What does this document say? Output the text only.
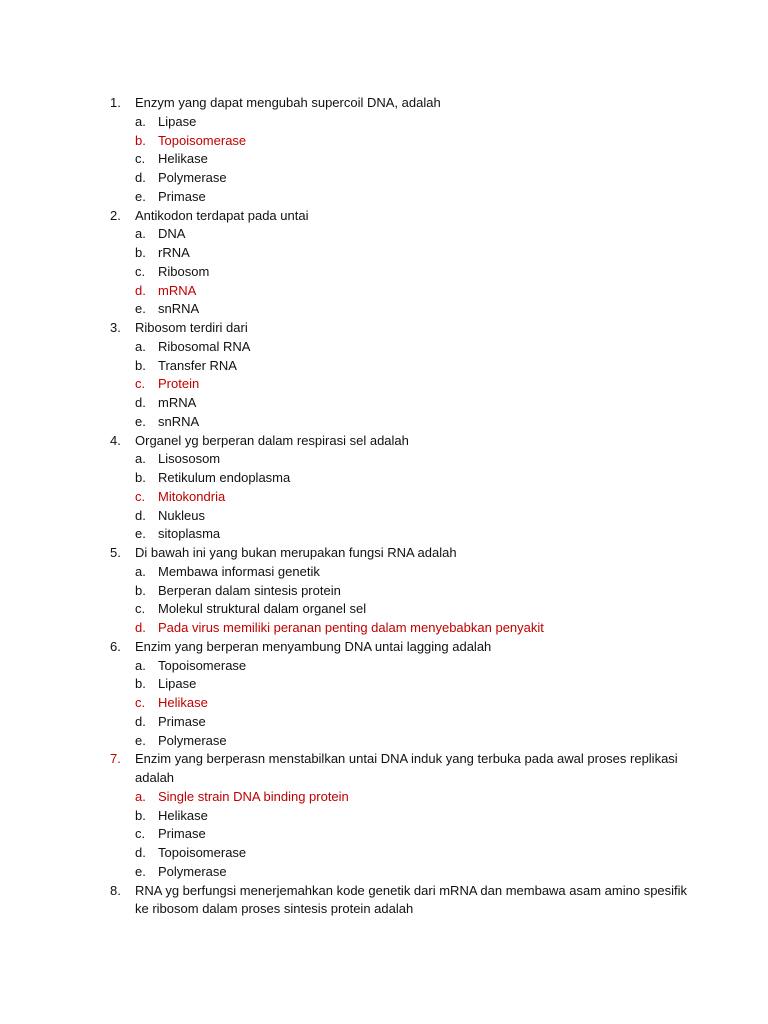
1.	Enzym yang dapat mengubah supercoil DNA, adalah
a. Lipase
b. Topoisomerase
c. Helikase
d. Polymerase
e. Primase
2.	Antikodon terdapat pada untai
a. DNA
b. rRNA
c. Ribosom
d. mRNA
e. snRNA
3.	Ribosom terdiri dari
a. Ribosomal RNA
b. Transfer RNA
c. Protein
d. mRNA
e. snRNA
4.	Organel yg berperan dalam respirasi sel adalah
a. Lisososom
b. Retikulum endoplasma
c. Mitokondria
d. Nukleus
e. sitoplasma
5.	Di bawah ini yang bukan merupakan fungsi RNA adalah
a. Membawa informasi genetik
b. Berperan dalam sintesis protein
c. Molekul struktural dalam organel sel
d. Pada virus memiliki peranan penting dalam menyebabkan penyakit
6.	Enzim yang berperan menyambung DNA untai lagging adalah
a. Topoisomerase
b. Lipase
c. Helikase
d. Primase
e. Polymerase
7.	Enzim yang berperasn menstabilkan untai DNA induk yang terbuka pada awal proses replikasi
adalah
a. Single strain DNA binding protein
b. Helikase
c. Primase
d. Topoisomerase
e. Polymerase
8.	RNA yg berfungsi menerjemahkan kode genetik dari mRNA dan membawa asam amino spesifik
ke ribosom dalam proses sintesis protein adalah
